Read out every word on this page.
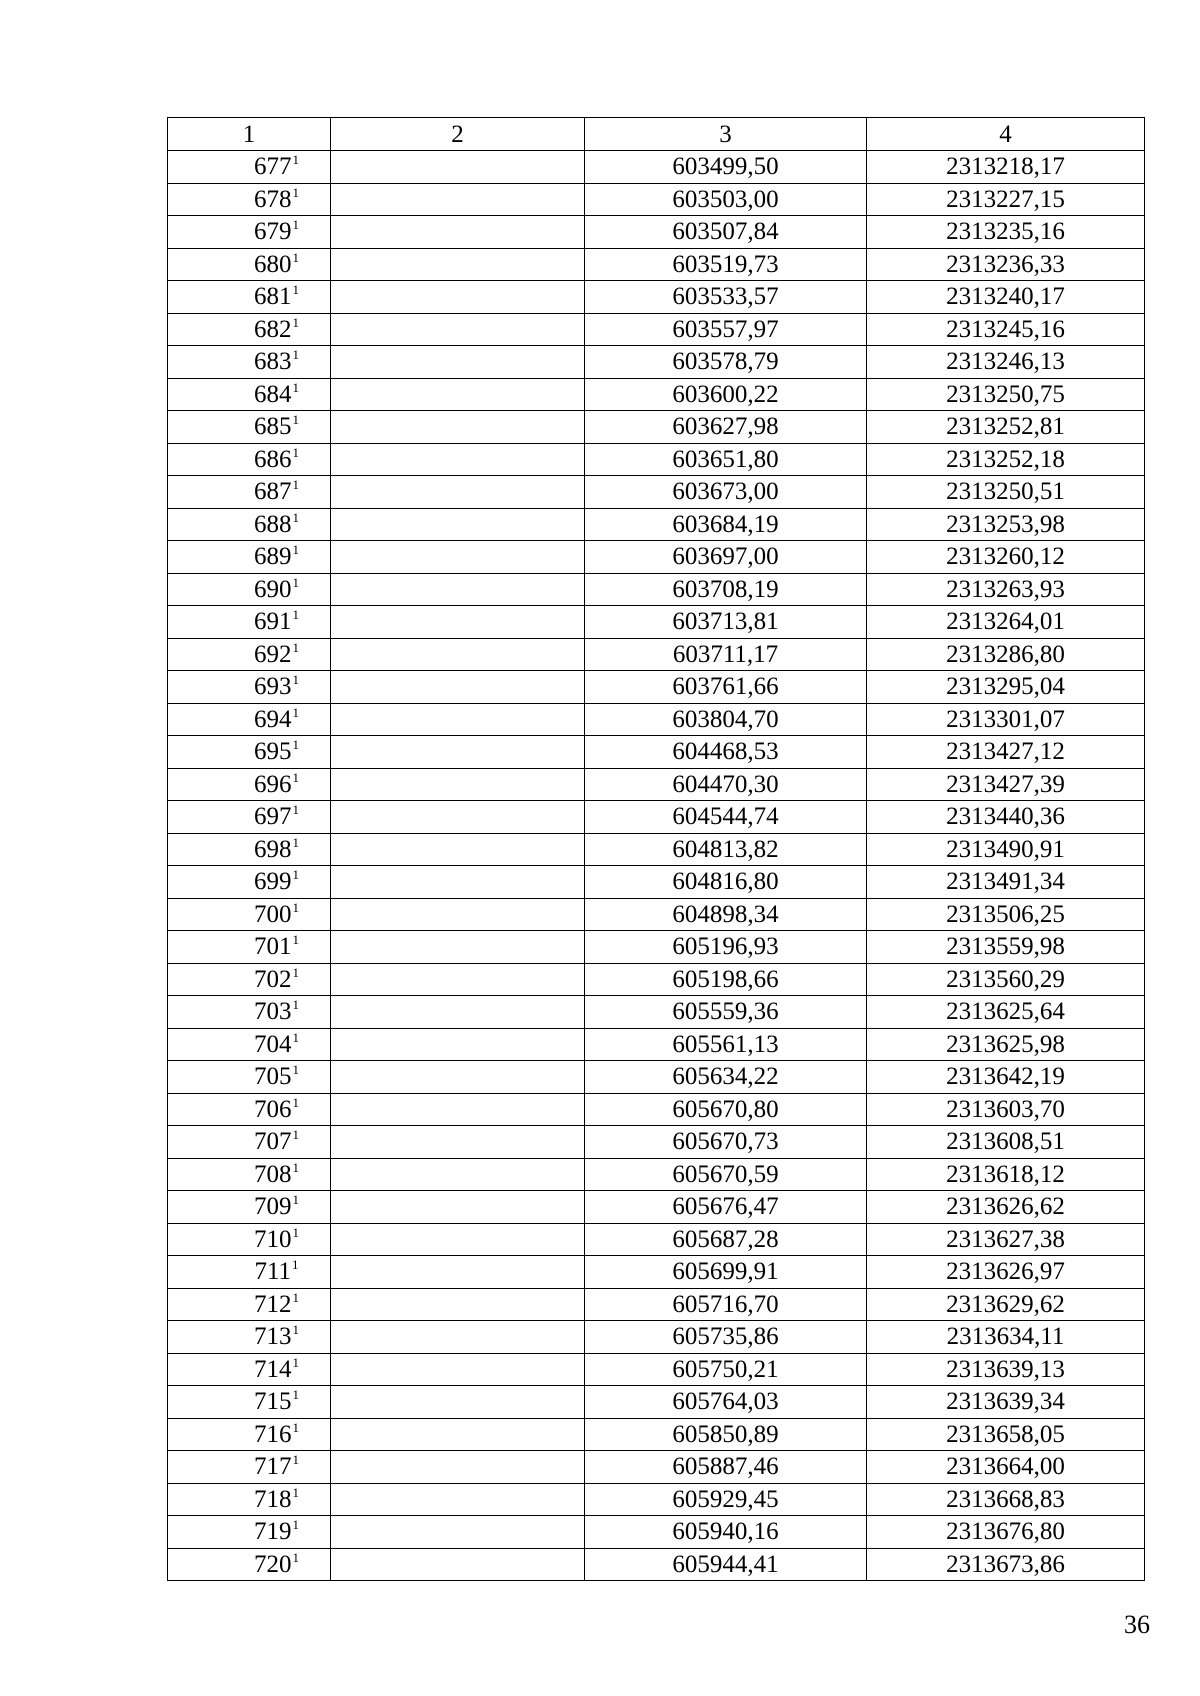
1	2	3	4
$677^1$		603499,50	2313218,17
$678^1$		603503,00	2313227,15
$679^1$		603507,84	2313235,16
$680^1$		603519,73	2313236,33
$681^1$		603533,57	2313240,17
$682^1$		603557,97	2313245,16
$683^1$		603578,79	2313246,13
$684^1$		603600,22	2313250,75
$685^1$		603627,98	2313252,81
$686^1$		603651,80	2313252,18
$687^1$		603673,00	2313250,51
$688^1$		603684,19	2313253,98
$689^1$		603697,00	2313260,12
$690^1$		603708,19	2313263,93
$691^1$		603713,81	2313264,01
$692^1$		603711,17	2313286,80
$693^1$		603761,66	2313295,04
$694^1$		603804,70	2313301,07
$695^1$		604468,53	2313427,12
$696^1$		604470,30	2313427,39
$697^1$		604544,74	2313440,36
$698^1$		604813,82	2313490,91
$699^1$		604816,80	2313491,34
$700^1$		604898,34	2313506,25
$701^1$		605196,93	2313559,98
$702^1$		605198,66	2313560,29
$703^1$		605559,36	2313625,64
$704^1$		605561,13	2313625,98
$705^1$		605634,22	2313642,19
$706^1$		605670,80	2313603,70
$707^1$		605670,73	2313608,51
$708^1$		605670,59	2313618,12
$709^1$		605676,47	2313626,62
$710^1$		605687,28	2313627,38
$711^1$		605699,91	2313626,97
$712^1$		605716,70	2313629,62
$713^1$		605735,86	2313634,11
$714^1$		605750,21	2313639,13
$715^1$		605764,03	2313639,34
$716^1$		605850,89	2313658,05
$717^1$		605887,46	2313664,00
$718^1$		605929,45	2313668,83
$719^1$		605940,16	2313676,80
$720^1$		605944,41	2313673,86
36
